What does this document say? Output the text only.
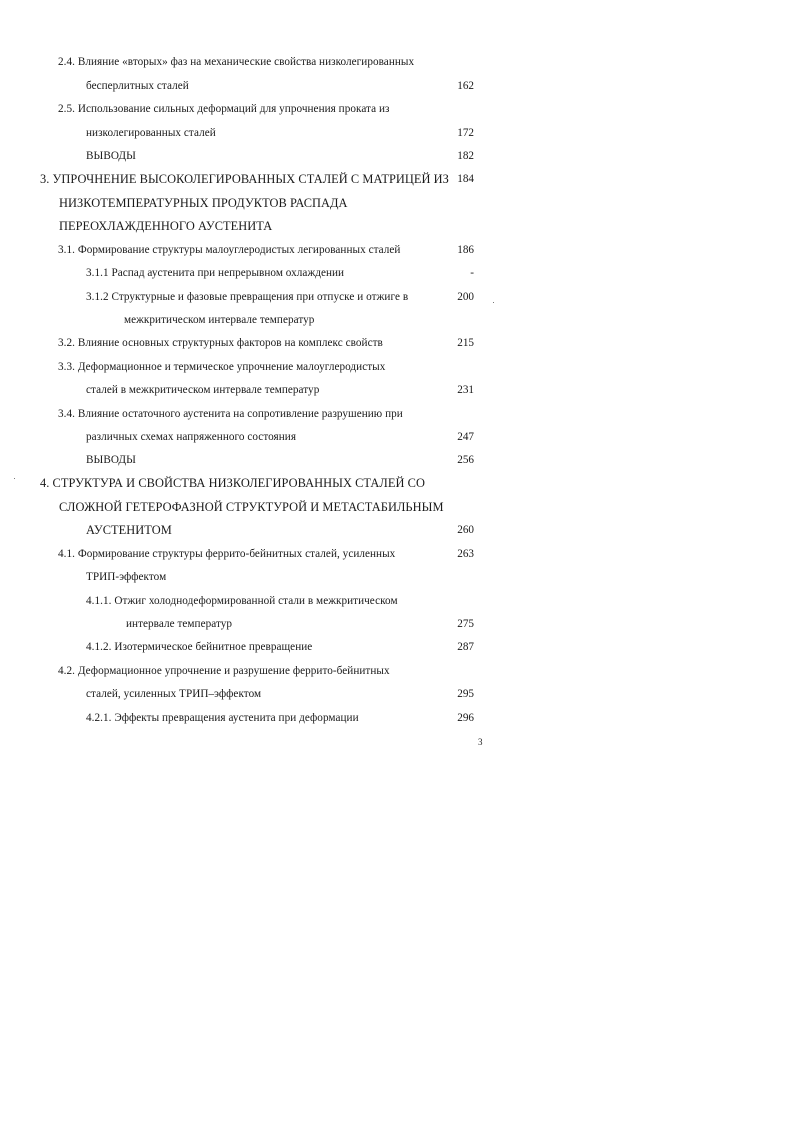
2.4. Влияние «вторых» фаз на механические свойства низколегированных
беcперлитных сталей	162
2.5. Использование сильных деформаций для упрочнения проката из
низколегированных сталей	172
ВЫВОДЫ	182
3. УПРОЧНЕНИЕ ВЫСОКОЛЕГИРОВАННЫХ СТАЛЕЙ С МАТРИЦЕЙ ИЗ 184
НИЗКОТЕМПЕРАТУРНЫХ ПРОДУКТОВ РАСПАДА
ПЕРЕОХЛАЖДЕННОГО АУСТЕНИТА
3.1. Формирование структуры малоуглеродистых легированных сталей	186
3.1.1 Распад аустенита при непрерывном охлаждении	-
3.1.2 Структурные и фазовые превращения при отпуске и отжиге в	200
межкритическом интервале температур
3.2. Влияние основных структурных факторов на комплекс свойств	215
3.3. Деформационное и термическое упрочнение малоуглеродистых
сталей в межкритическом интервале температур	231
3.4. Влияние остаточного аустенита на сопротивление разрушению при
различных схемах напряженного состояния	247
ВЫВОДЫ	256
4. СТРУКТУРА И СВОЙСТВА НИЗКОЛЕГИРОВАННЫХ СТАЛЕЙ СО
СЛОЖНОЙ ГЕТЕРОФАЗНОЙ СТРУКТУРОЙ И МЕТАСТАБИЛЬНЫМ
АУСТЕНИТОМ	260
4.1. Формирование структуры феррито-бейнитных сталей, усиленных	263
ТРИП-эффектом
4.1.1. Отжиг холоднодеформированной стали в межкритическом
интервале температур	275
4.1.2. Изотермическое бейнитное превращение	287
4.2. Деформационное упрочнение и разрушение феррито-бейнитных
сталей, усиленных ТРИП–эффектом	295
4.2.1. Эффекты превращения аустенита при деформации	296
3
